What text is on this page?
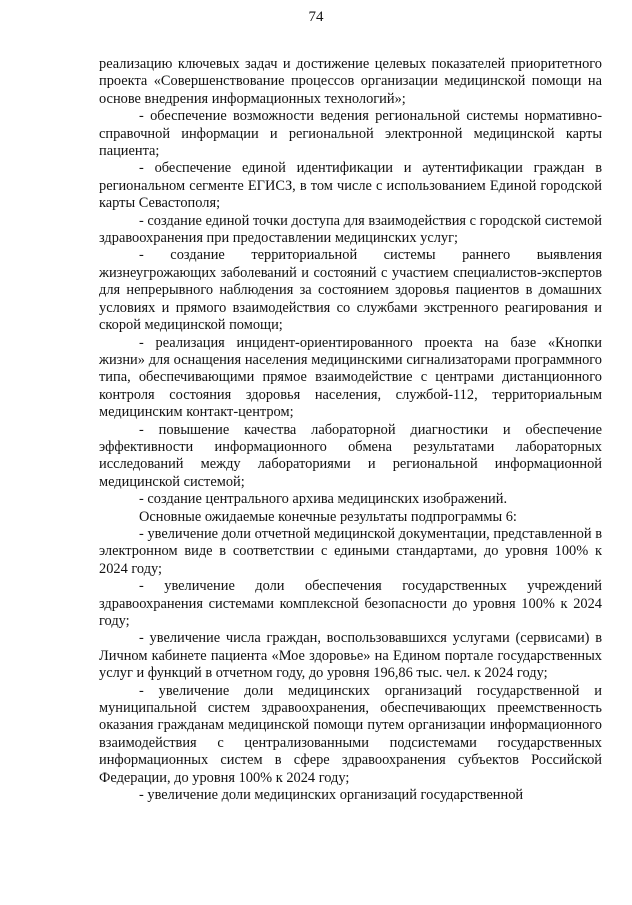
74

реализацию ключевых задач и достижение целевых показателей приоритетного проекта «Совершенствование процессов организации медицинской помощи на основе внедрения информационных технологий»;

- обеспечение возможности ведения региональной системы нормативно-справочной информации и региональной электронной медицинской карты пациента;

- обеспечение единой идентификации и аутентификации граждан в региональном сегменте ЕГИСЗ, в том числе с использованием Единой городской карты Севастополя;

- создание единой точки доступа для взаимодействия с городской системой здравоохранения при предоставлении медицинских услуг;

- создание территориальной системы раннего выявления жизнеугрожающих заболеваний и состояний с участием специалистов-экспертов для непрерывного наблюдения за состоянием здоровья пациентов в домашних условиях и прямого взаимодействия со службами экстренного реагирования и скорой медицинской помощи;

- реализация инцидент-ориентированного проекта на базе «Кнопки жизни» для оснащения населения медицинскими сигнализаторами программного типа, обеспечивающими прямое взаимодействие с центрами дистанционного контроля состояния здоровья населения, службой-112, территориальным медицинским контакт-центром;

- повышение качества лабораторной диагностики и обеспечение эффективности информационного обмена результатами лабораторных исследований между лабораториями и региональной информационной медицинской системой;

- создание центрального архива медицинских изображений.

Основные ожидаемые конечные результаты подпрограммы 6:

- увеличение доли отчетной медицинской документации, представленной в электронном виде в соответствии с едиными стандартами, до уровня 100% к 2024 году;

- увеличение доли обеспечения государственных учреждений здравоохранения системами комплексной безопасности до уровня 100% к 2024 году;

- увеличение числа граждан, воспользовавшихся услугами (сервисами) в Личном кабинете пациента «Мое здоровье» на Едином портале государственных услуг и функций в отчетном году, до уровня 196,86 тыс. чел. к 2024 году;

- увеличение доли медицинских организаций государственной и муниципальной систем здравоохранения, обеспечивающих преемственность оказания гражданам медицинской помощи путем организации информационного взаимодействия с централизованными подсистемами государственных информационных систем в сфере здравоохранения субъектов Российской Федерации, до уровня 100% к 2024 году;

- увеличение доли медицинских организаций государственной
